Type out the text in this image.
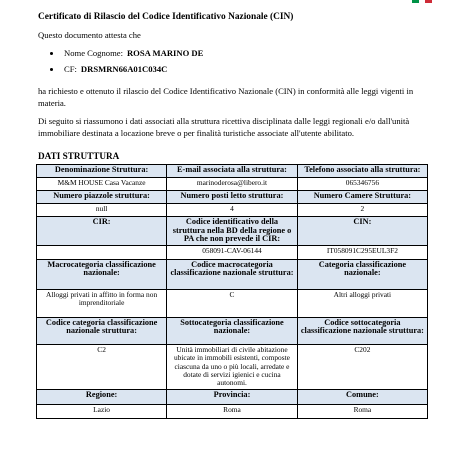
Certificato di Rilascio del Codice Identificativo Nazionale (CIN)
Questo documento attesta che
Nome Cognome: ROSA MARINO DE
CF: DRSMRN66A01C034C
ha richiesto e ottenuto il rilascio del Codice Identificativo Nazionale (CIN) in conformità alle leggi vigenti in materia.
Di seguito si riassumono i dati associati alla struttura ricettiva disciplinata dalle leggi regionali e/o dall'unità immobiliare destinata a locazione breve o per finalità turistiche associate all'utente abilitato.
DATI STRUTTURA
Denominazione Struttura:	E-mail associata alla struttura:	Telefono associato alla struttura:
M&M HOUSE Casa Vacanze	marinoderosa@libero.it	065346756
Numero piazzole struttura:	Numero posti letto struttura:	Numero Camere Struttura:
null	4	2
CIR:	Codice identificativo della struttura nella BD della regione o PA che non prevede il CIR:	CIN:
	058091-CAV-06144	IT058091C295EUL3F2
Macrocategoria classificazione nazionale:	Codice macrocategoria classificazione nazionale struttura:	Categoria classificazione nazionale:
Alloggi privati in affitto in forma non imprenditoriale	C	Altri alloggi privati
Codice categoria classificazione nazionale struttura:	Sottocategoria classificazione nazionale:	Codice sottocategoria classificazione nazionale struttura:
C2	Unità immobiliari di civile abitazione ubicate in immobili esistenti, composte ciascuna da uno o più locali, arredate e dotate di servizi igienici e cucina autonomi.	C202
Regione:	Provincia:	Comune:
Lazio	Roma	Roma
